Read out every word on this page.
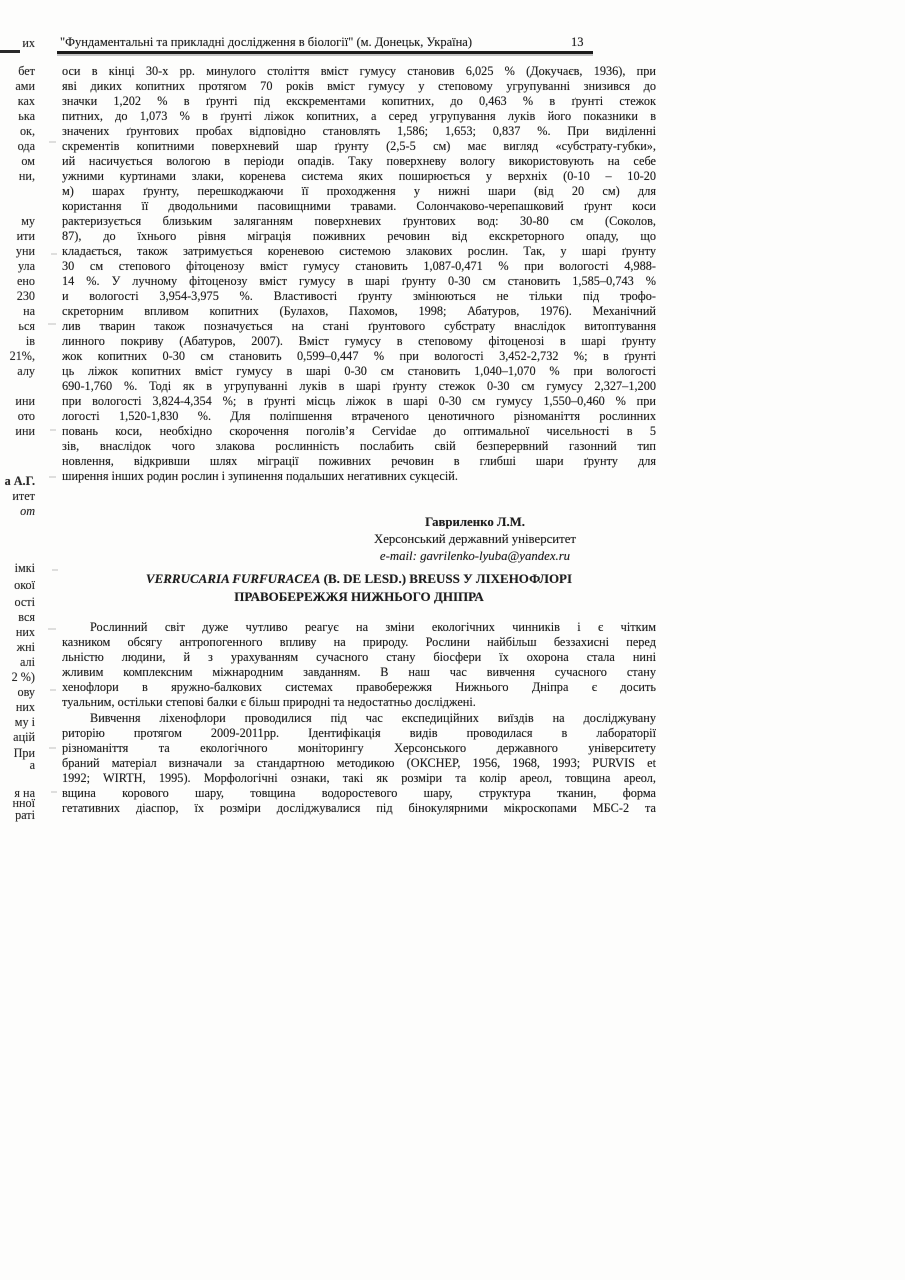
их
бет
ами
ках
ька
ок,
ода
ом
ни,
му
ити
уни
ула
ено
230
на
ься
ів
21%,
алу
ини
ото
ини
а А.Г.
итет
om
імкі
окої
ості
вся
них
жні
алі
2 %)
ову
них
му і
ацій
При
а
я на
нної
раті
"Фундаментальні та прикладні дослідження в біології" (м. Донецьк, Україна)	13
оси в кінці 30-х рр. минулого століття вміст гумусу становив 6,025 % (Докучаєв, 1936), при
яві диких копитних протягом 70 років вміст гумусу у степовому угрупуванні знизився до
значки 1,202 % в ґрунті під екскрементами копитних, до 0,463 % в ґрунті стежок
питних, до 1,073 % в ґрунті ліжок копитних, а серед угрупування луків його показники в
значених ґрунтових пробах відповідно становлять 1,586; 1,653; 0,837 %. При виділенні
скрементів копитними поверхневий шар ґрунту (2,5-5 см) має вигляд «субстрату-губки»,
ий насичується вологою в періоди опадів. Таку поверхневу вологу використовують на себе
ужними куртинами злаки, коренева система яких поширюється у верхніх (0-10 – 10-20
м) шарах ґрунту, перешкоджаючи її проходження у нижні шари (від 20 см) для
користання її дводольними пасовищними травами. Солончаково-черепашковий ґрунт коси
рактеризується близьким заляганням поверхневих ґрунтових вод: 30-80 см (Соколов,
87), до їхнього рівня міграція поживних речовин від екскреторного опаду, що
кладається, також затримується кореневою системою злакових рослин. Так, у шарі ґрунту
30 см степового фітоценозу вміст гумусу становить 1,087-0,471 % при вологості 4,988-
14 %. У лучному фітоценозу вміст гумусу в шарі ґрунту 0-30 см становить 1,585–0,743 %
и вологості 3,954-3,975 %. Властивості ґрунту змінюються не тільки під трофо-
скреторним впливом копитних (Булахов, Пахомов, 1998; Абатуров, 1976). Механічний
лив тварин також позначується на стані ґрунтового субстрату внаслідок витоптування
линного покриву (Абатуров, 2007). Вміст гумусу в степовому фітоценозі в шарі ґрунту
жок копитних 0-30 см становить 0,599–0,447 % при вологості 3,452-2,732 %; в ґрунті
ць ліжок копитних вміст гумусу в шарі 0-30 см становить 1,040–1,070 % при вологості
690-1,760 %. Тоді як в угрупуванні луків в шарі ґрунту стежок 0-30 см гумусу 2,327–1,200
при вологості 3,824-4,354 %; в ґрунті місць ліжок в шарі 0-30 см гумусу 1,550–0,460 % при
логості 1,520-1,830 %. Для поліпшення втраченого ценотичного різноманіття рослинних
повань коси, необхідно скорочення поголів’я Cervidae до оптимальної чисельності в 5
зів, внаслідок чого злакова рослинність послабить свій безперервний газонний тип
новлення, відкривши шлях міграції поживних речовин в глибші шари ґрунту для
ширення інших родин рослин і зупинення подальших негативних сукцесій.
Гавриленко Л.М.
Херсонський державний університет
e-mail: gavrilenko-lyuba@yandex.ru
VERRUCARIA FURFURACEA (B. DE LESD.) BREUSS У ЛІХЕНОФЛОРІ
ПРАВОБЕРЕЖЖЯ НИЖНЬОГО ДНІПРА
Рослинний світ дуже чутливо реагує на зміни екологічних чинників і є чітким
казником обсягу антропогенного впливу на природу. Рослини найбільш беззахисні перед
льністю людини, й з урахуванням сучасного стану біосфери їх охорона стала нині
жливим комплексним міжнародним завданням. В наш час вивчення сучасного стану
хенофлори в яружно-балкових системах правобережжя Нижнього Дніпра є досить
туальним, остільки степові балки є більш природні та недостатньо досліджені.
Вивчення ліхенофлори проводилися під час експедиційних виїздів на досліджувану
риторію протягом 2009-2011рр. Ідентифікація видів проводилася в лабораторії
різноманіття та екологічного моніторингу Херсонського державного університету
браний матеріал визначали за стандартною методикою (ОКСНЕР, 1956, 1968, 1993; PURVIS et
1992; WIRTH, 1995). Морфологічні ознаки, такі як розміри та колір ареол, товщина ареол,
вщина корового шару, товщина водоростевого шару, структура тканин, форма
гетативних діаспор, їх розміри досліджувалися під бінокулярними мікроскопами МБС-2 та
